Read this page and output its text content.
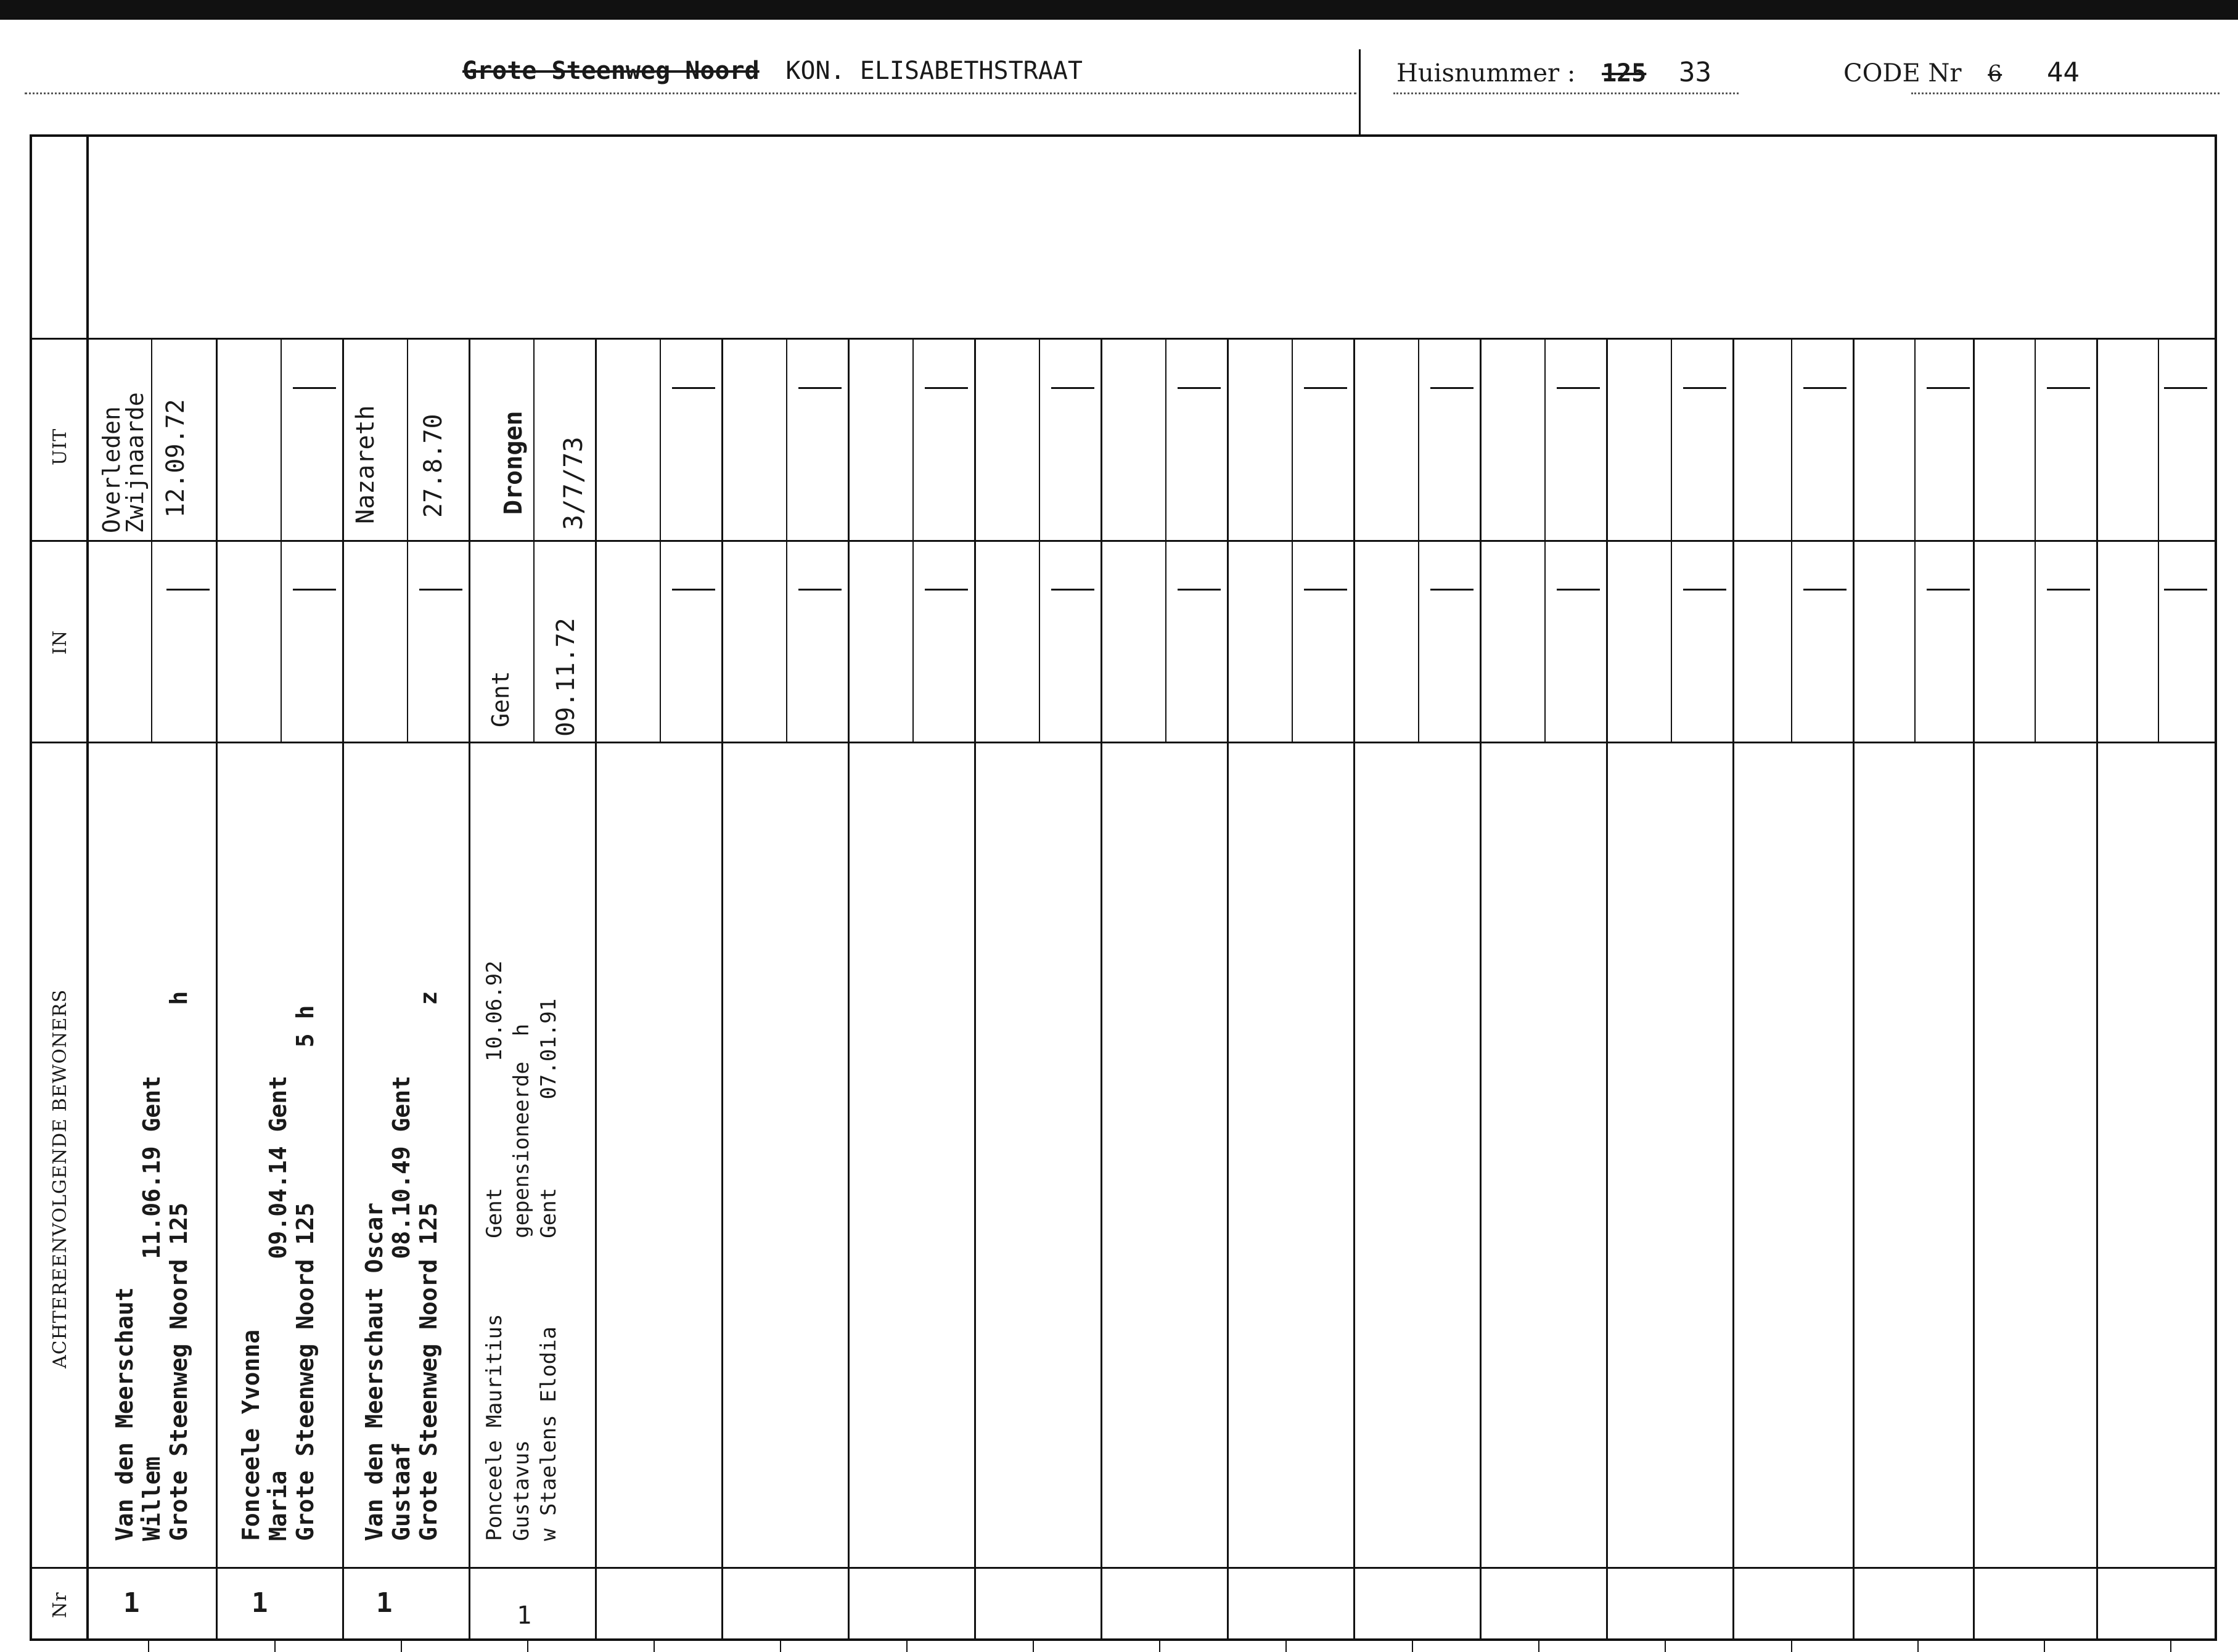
Grote Steenweg Noord KON. ELISABETHSTRAAT	Huisnummer : 125 33	CODE Nr 6 44
UIT
IN
ACHTEREENVOLGENDE BEWONERS
Nr
Van den Meerschaut Willem              11.06.19 Gent Grote Steenweg Noord 125              h
Overleden
Zwijnaarde 12.09.72
1
Fonceele Yvonna Maria               09.04.14 Gent Grote Steenweg Noord 125           5 h
1
Van den Meerschaut Oscar Gustaaf             08.10.49 Gent Grote Steenweg Noord 125              z
Nazareth 27.8.70
1
Ponceele Mauritius      Gent          10.06.92 Gustavus                gepensioneerde  h w Staelens Elodia       Gent       07.01.91
Gent 09.11.72
Drongen 3/7/73
1
